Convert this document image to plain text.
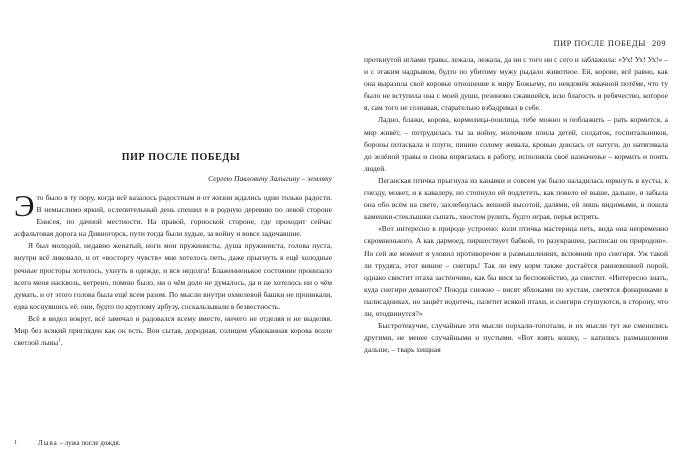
ПИР ПОСЛЕ ПОБЕДЫ

Сергею Павловичу Залыгину – земляку

Это было в ту пору, когда всё казалось радостным и от жизни ждались одни только радости. В немыслимо яркий, ослепительный день спешил я в родную деревню по левой стороне Енисея, по дачной местности. На правой, горноской стороне, где проходит сейчас асфальтовая дорога на Дивногорск, пути тогда были худые, за войну и вовсе задичавшие.

Я был молодой, недавно женатый, ноги мои пружинисты, душа пружиниста, голова пуста, внутри всё ликовало, и от «восторгу чувств» мне хотелось петь, даже прыгнуть в ещё холодные речные просторы хотелось, ухнуть в одежде, и вся недолга! Блаженненькое состояние пронизало всего меня насквозь, ветрено, помню было, ни о чём доло не думалось, да и не хотелось ни о чём думать, и от этого голова была ещё всем разом. По мысли внутри охмелевой башки не проникали, едва коснувшись её, они, будто по круглому арбузу, соскальзывали в безвестность.

Всё я видел вокруг, всё замечал и радовался всему вместе, ничего не отделяя и не выделяя. Мир без всякий пригляден как он есть. Вон сытая, дородная, солнцем убаюканная корова возле светлой лывы$^1$.

1	Лыва – лужа после дождя.

ПИР ПОСЛЕ ПОБЕДЫ 209

проткнутой иглами травы, лежала, лежала, да ни с того ни с сего и заблажила: «Ух! Ух! Ух!» – и с этаким надрывом, будто по убитому мужу рыдало животное. Ей, корове, всё равно, как она выразила своё коровье отношение к миру Божьему, по невдомёк жвачной потёме, что ту было не вступила она с моей души, резиново сжавшейся, всю благость и ребячество, которое я, сам того не сознавая, старательно взбадривал в себе.

Ладно, блажи, корова, кормилица-поилица, тебе можно и поблажить – рать кормится, а мир живёт, – потрудилась ты за войну, молочком поила детей, солдаток, госпитальников, бороны потаскала и плуги, пинию солому жевала, кровью доилась от натуги, до натягивала до зелёной травы и снова впрягалась в работу, исполняла своё назначенье – кормить и поить людей.

Пеганская птичка прыгнула из канавки и совсем уж было наладилась юркнуть в кусты, к гнезду, может, и к кавалеру, но стопнуло ей подлететь, как повело её выше, дальше, и забыла она обо всём на свете, захлебнулась вешней высотой, далями, ей лишь видимыми, и пошла камешки-стеклышки сыпать, хвостом рулить, будто играя, перья встрять.

«Вот интересно в природе устроено: коли птичка мастерица петь, вида она непременно скромненького. А как дармоед, пиршествует бабкой, то разукрашен, расписан он природою». Но сей же момент я уловил противоречие в размышлениях, вспомнив про снегиря. Уж такой ли трудяга, этот вишне – снегирь! Так ли ему корм также достаётся ранневешней порой, однако свистит птаха застенчиво, как бы вися за беспокойство, да свистит. «Интересно знать, куда снегири деваются? Покуда снежно – висят яблоками по кустам, светятся фонариками в палисадниках, но зацвёт водотечь, палетит всякой птахи, и снегири стушуются, в сторону, что ли, отодвинутся?»

Быстротекучие, случайные эти мысли порхали-топотали, и их мысли тут же сменились другими, не менее случайными и пустыми. «Вот взять кошку, – катились размышления дальше, – тварь хищная
